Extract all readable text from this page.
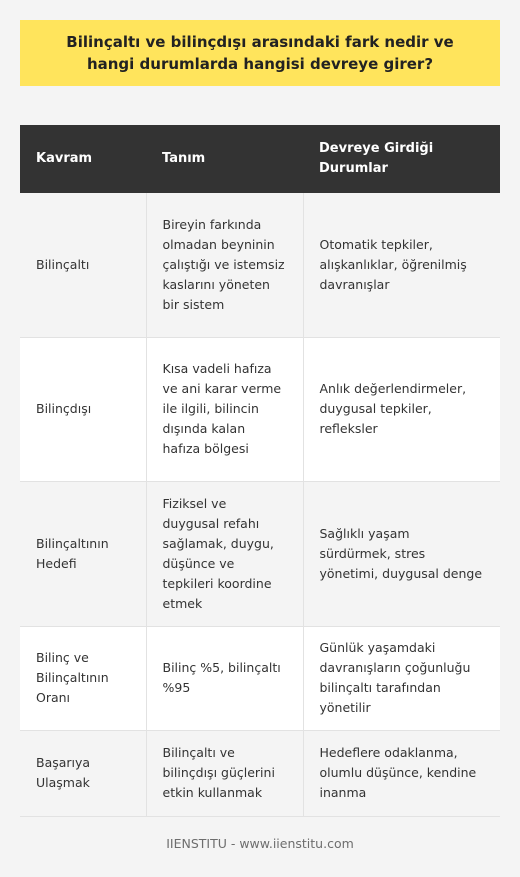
Bilinçaltı ve bilinçdışı arasındaki fark nedir ve hangi durumlarda hangisi devreye girer?
Kavram	Tanım	Devreye Girdiği Durumlar
Bilinçaltı	Bireyin farkında olmadan beyninin çalıştığı ve istemsiz kaslarını yöneten bir sistem	Otomatik tepkiler, alışkanlıklar, öğrenilmiş davranışlar
Bilinçdışı	Kısa vadeli hafıza ve ani karar verme ile ilgili, bilincin dışında kalan hafıza bölgesi	Anlık değerlendirmeler, duygusal tepkiler, refleksler
Bilinçaltının Hedefi	Fiziksel ve duygusal refahı sağlamak, duygu, düşünce ve tepkileri koordine etmek	Sağlıklı yaşam sürdürmek, stres yönetimi, duygusal denge
Bilinç ve Bilinçaltının Oranı	Bilinç %5, bilinçaltı %95	Günlük yaşamdaki davranışların çoğunluğu bilinçaltı tarafından yönetilir
Başarıya Ulaşmak	Bilinçaltı ve bilinçdışı güçlerini etkin kullanmak	Hedeflere odaklanma, olumlu düşünce, kendine inanma
IIENSTITU - www.iienstitu.com
